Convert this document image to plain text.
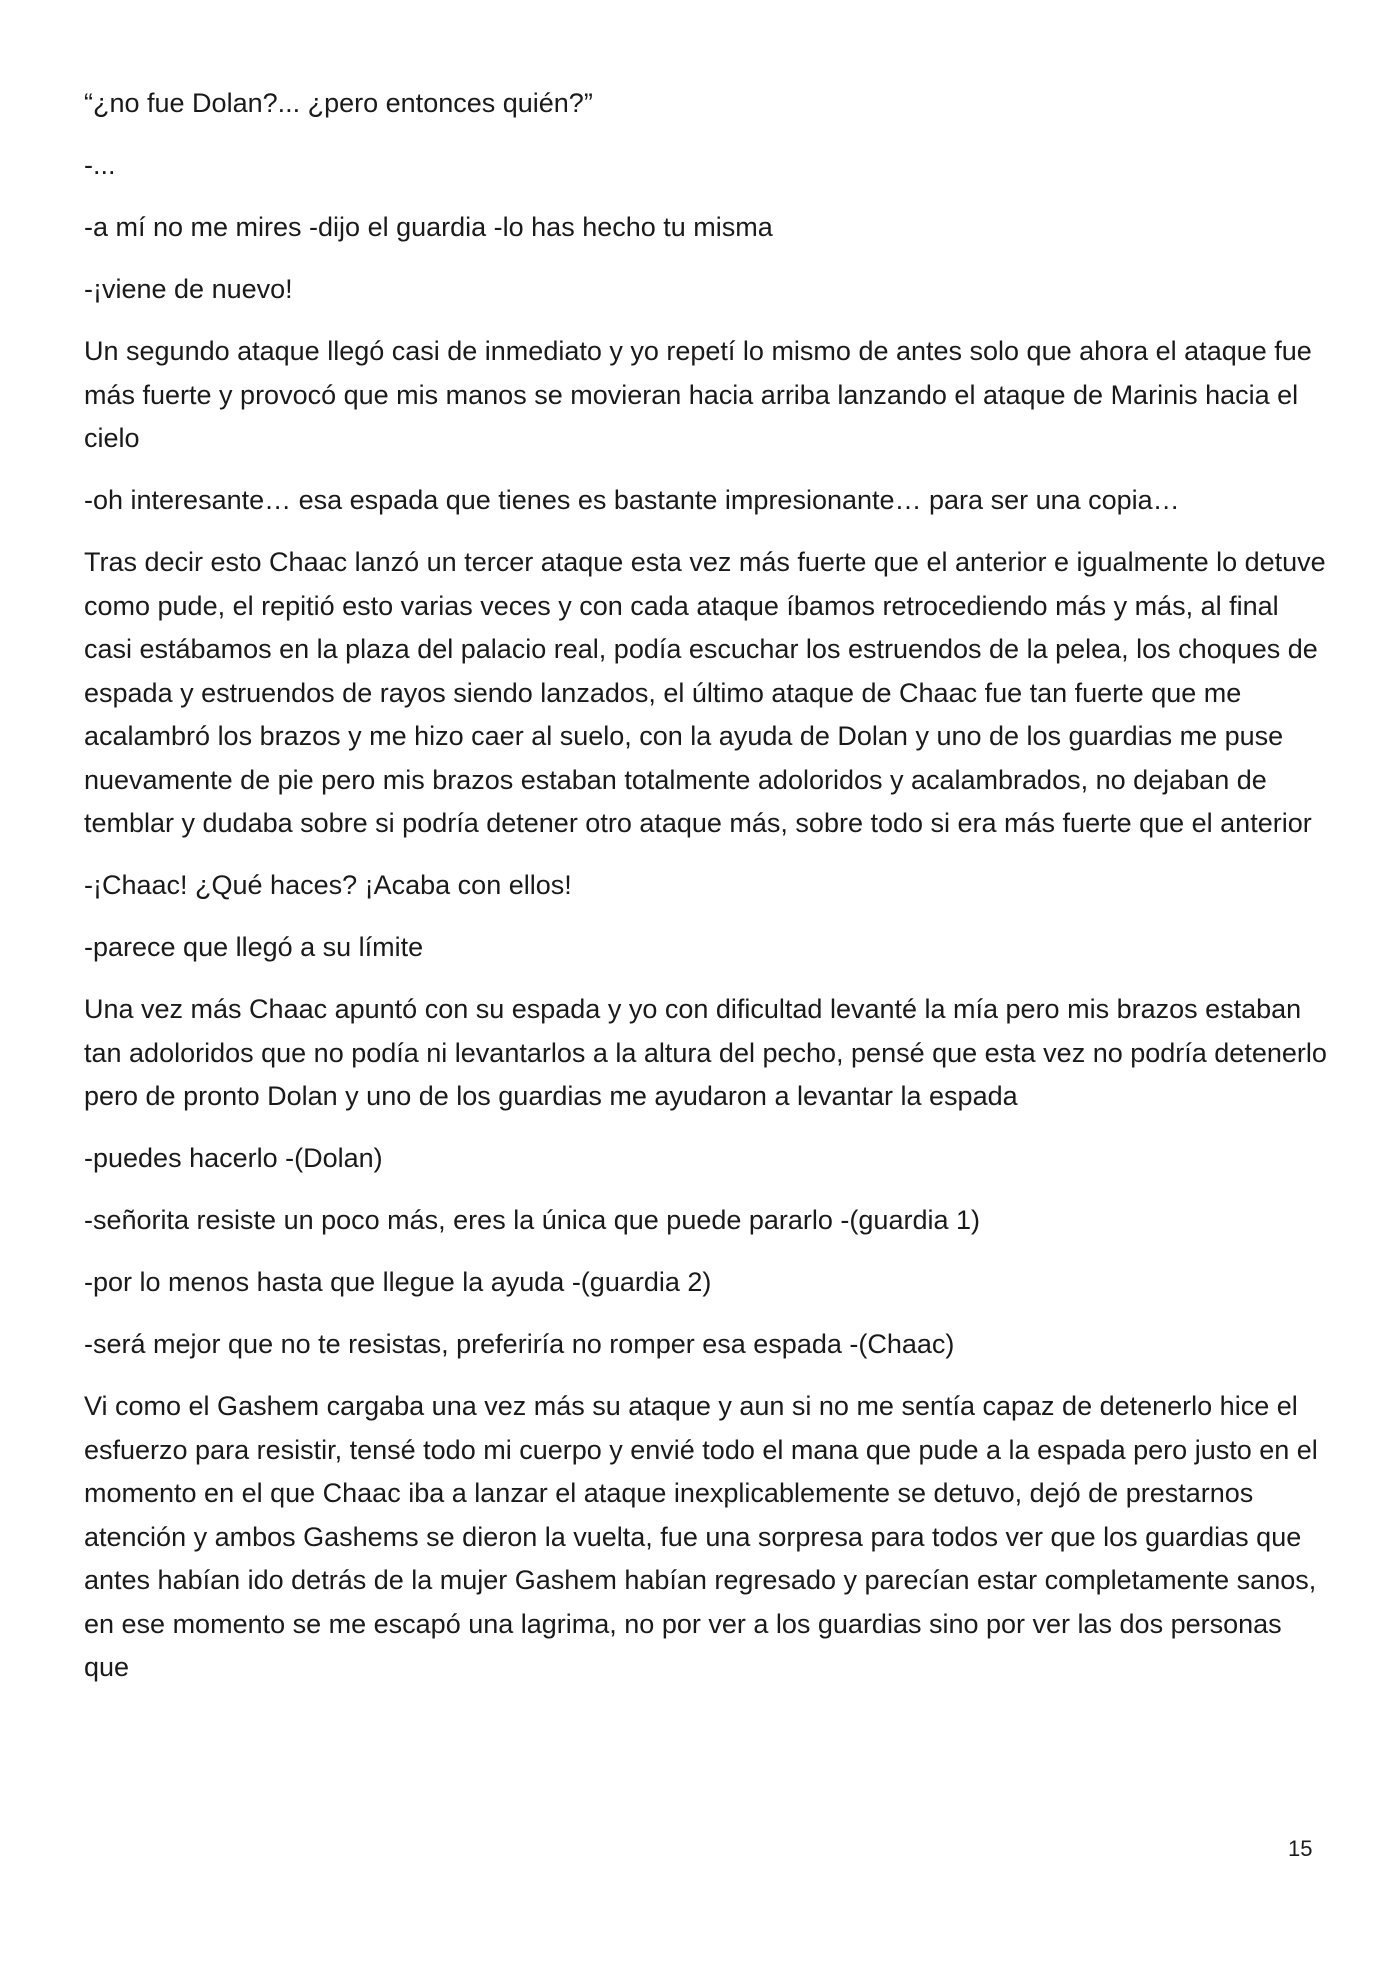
“¿no fue Dolan?... ¿pero entonces quién?”

-...

-a mí no me mires -dijo el guardia -lo has hecho tu misma

-¡viene de nuevo!

Un segundo ataque llegó casi de inmediato y yo repetí lo mismo de antes solo que ahora el ataque fue más fuerte y provocó que mis manos se movieran hacia arriba lanzando el ataque de Marinis hacia el cielo

-oh interesante… esa espada que tienes es bastante impresionante… para ser una copia…

Tras decir esto Chaac lanzó un tercer ataque esta vez más fuerte que el anterior e igualmente lo detuve como pude, el repitió esto varias veces y con cada ataque íbamos retrocediendo más y más, al final casi estábamos en la plaza del palacio real, podía escuchar los estruendos de la pelea, los choques de espada y estruendos de rayos siendo lanzados, el último ataque de Chaac fue tan fuerte que me acalambró los brazos y me hizo caer al suelo, con la ayuda de Dolan y uno de los guardias me puse nuevamente de pie pero mis brazos estaban totalmente adoloridos y acalambrados, no dejaban de temblar y dudaba sobre si podría detener otro ataque más, sobre todo si era más fuerte que el anterior

-¡Chaac! ¿Qué haces? ¡Acaba con ellos!

-parece que llegó a su límite

Una vez más Chaac apuntó con su espada y yo con dificultad levanté la mía pero mis brazos estaban tan adoloridos que no podía ni levantarlos a la altura del pecho, pensé que esta vez no podría detenerlo pero de pronto Dolan y uno de los guardias me ayudaron a levantar la espada

-puedes hacerlo -(Dolan)

-señorita resiste un poco más, eres la única que puede pararlo -(guardia 1)

-por lo menos hasta que llegue la ayuda -(guardia 2)

-será mejor que no te resistas, preferiría no romper esa espada -(Chaac)

Vi como el Gashem cargaba una vez más su ataque y aun si no me sentía capaz de detenerlo hice el esfuerzo para resistir, tensé todo mi cuerpo y envié todo el mana que pude a la espada pero justo en el momento en el que Chaac iba a lanzar el ataque inexplicablemente se detuvo, dejó de prestarnos atención y ambos Gashems se dieron la vuelta, fue una sorpresa para todos ver que los guardias que antes habían ido detrás de la mujer Gashem habían regresado y parecían estar completamente sanos, en ese momento se me escapó una lagrima, no por ver a los guardias sino por ver las dos personas que

15
